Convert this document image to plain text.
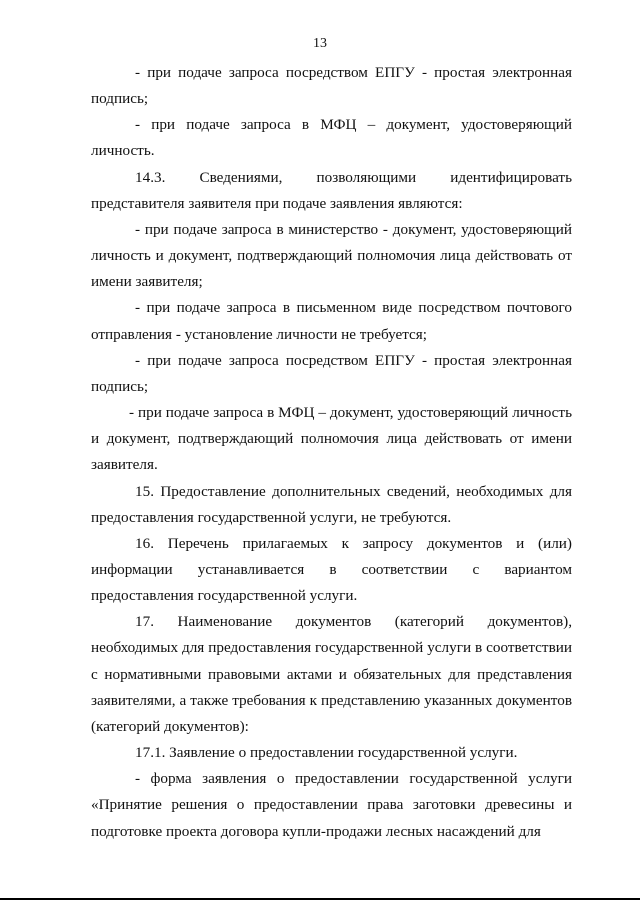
13

- при подаче запроса посредством ЕПГУ - простая электронная подпись;

- при подаче запроса в МФЦ – документ, удостоверяющий личность.

14.3. Сведениями, позволяющими идентифицировать представителя заявителя при подаче заявления являются:

- при подаче запроса в министерство - документ, удостоверяющий личность и документ, подтверждающий полномочия лица действовать от имени заявителя;

- при подаче запроса в письменном виде посредством почтового отправления - установление личности не требуется;

- при подаче запроса посредством ЕПГУ - простая электронная подпись;

- при подаче запроса в МФЦ – документ, удостоверяющий личность и документ, подтверждающий полномочия лица действовать от имени заявителя.

15. Предоставление дополнительных сведений, необходимых для предоставления государственной услуги, не требуются.

16. Перечень прилагаемых к запросу документов и (или) информации устанавливается в соответствии с вариантом предоставления государственной услуги.

17. Наименование документов (категорий документов), необходимых для предоставления государственной услуги в соответствии с нормативными правовыми актами и обязательных для представления заявителями, а также требования к представлению указанных документов (категорий документов):

17.1. Заявление о предоставлении государственной услуги.

- форма заявления о предоставлении государственной услуги «Принятие решения о предоставлении права заготовки древесины и подготовке проекта договора купли-продажи лесных насаждений для
